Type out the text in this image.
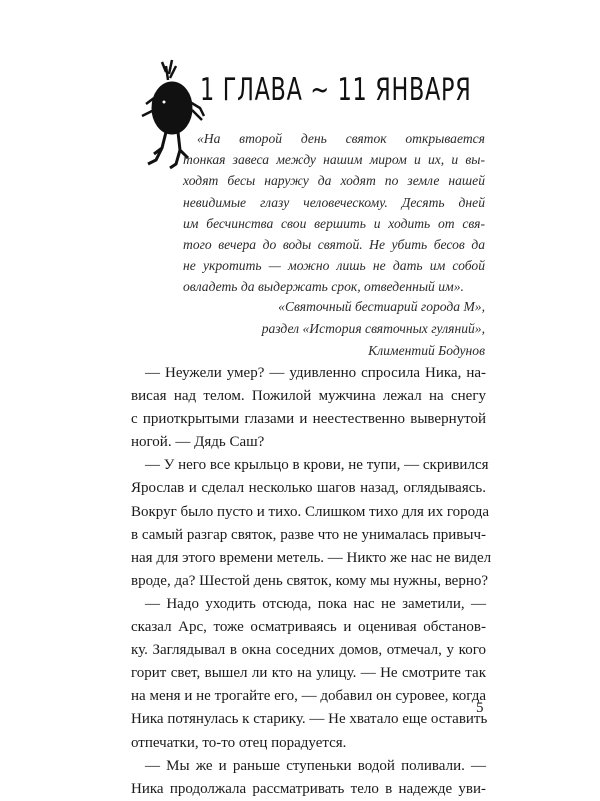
1 ГЛАВА ~ 11 ЯНВАРЯ
«На второй день святок открывается
тонкая завеса между нашим миром и их, и вы-
ходят бесы наружу да ходят по земле нашей
невидимые глазу человеческому. Десять дней
им бесчинства свои вершить и ходить от свя-
того вечера до воды святой. Не убить бесов да
не укротить — можно лишь не дать им собой
овладеть да выдержать срок, отведенный им».
«Святочный бестиарий города М»,
раздел «История святочных гуляний»,
Климентий Бодунов
— Неужели умер? — удивленно спросила Ника, на-
висая над телом. Пожилой мужчина лежал на снегу
с приоткрытыми глазами и неестественно вывернутой
ногой. — Дядь Саш?
— У него все крыльцо в крови, не тупи, — скривился
Ярослав и сделал несколько шагов назад, оглядываясь.
Вокруг было пусто и тихо. Слишком тихо для их города
в самый разгар святок, разве что не унималась привыч-
ная для этого времени метель. — Никто же нас не видел
вроде, да? Шестой день святок, кому мы нужны, верно?
— Надо уходить отсюда, пока нас не заметили, —
сказал Арс, тоже осматриваясь и оценивая обстанов-
ку. Заглядывал в окна соседних домов, отмечал, у кого
горит свет, вышел ли кто на улицу. — Не смотрите так
на меня и не трогайте его, — добавил он суровее, когда
Ника потянулась к старику. — Не хватало еще оставить
отпечатки, то-то отец порадуется.
— Мы же и раньше ступеньки водой поливали. —
Ника продолжала рассматривать тело в надежде уви-
5
